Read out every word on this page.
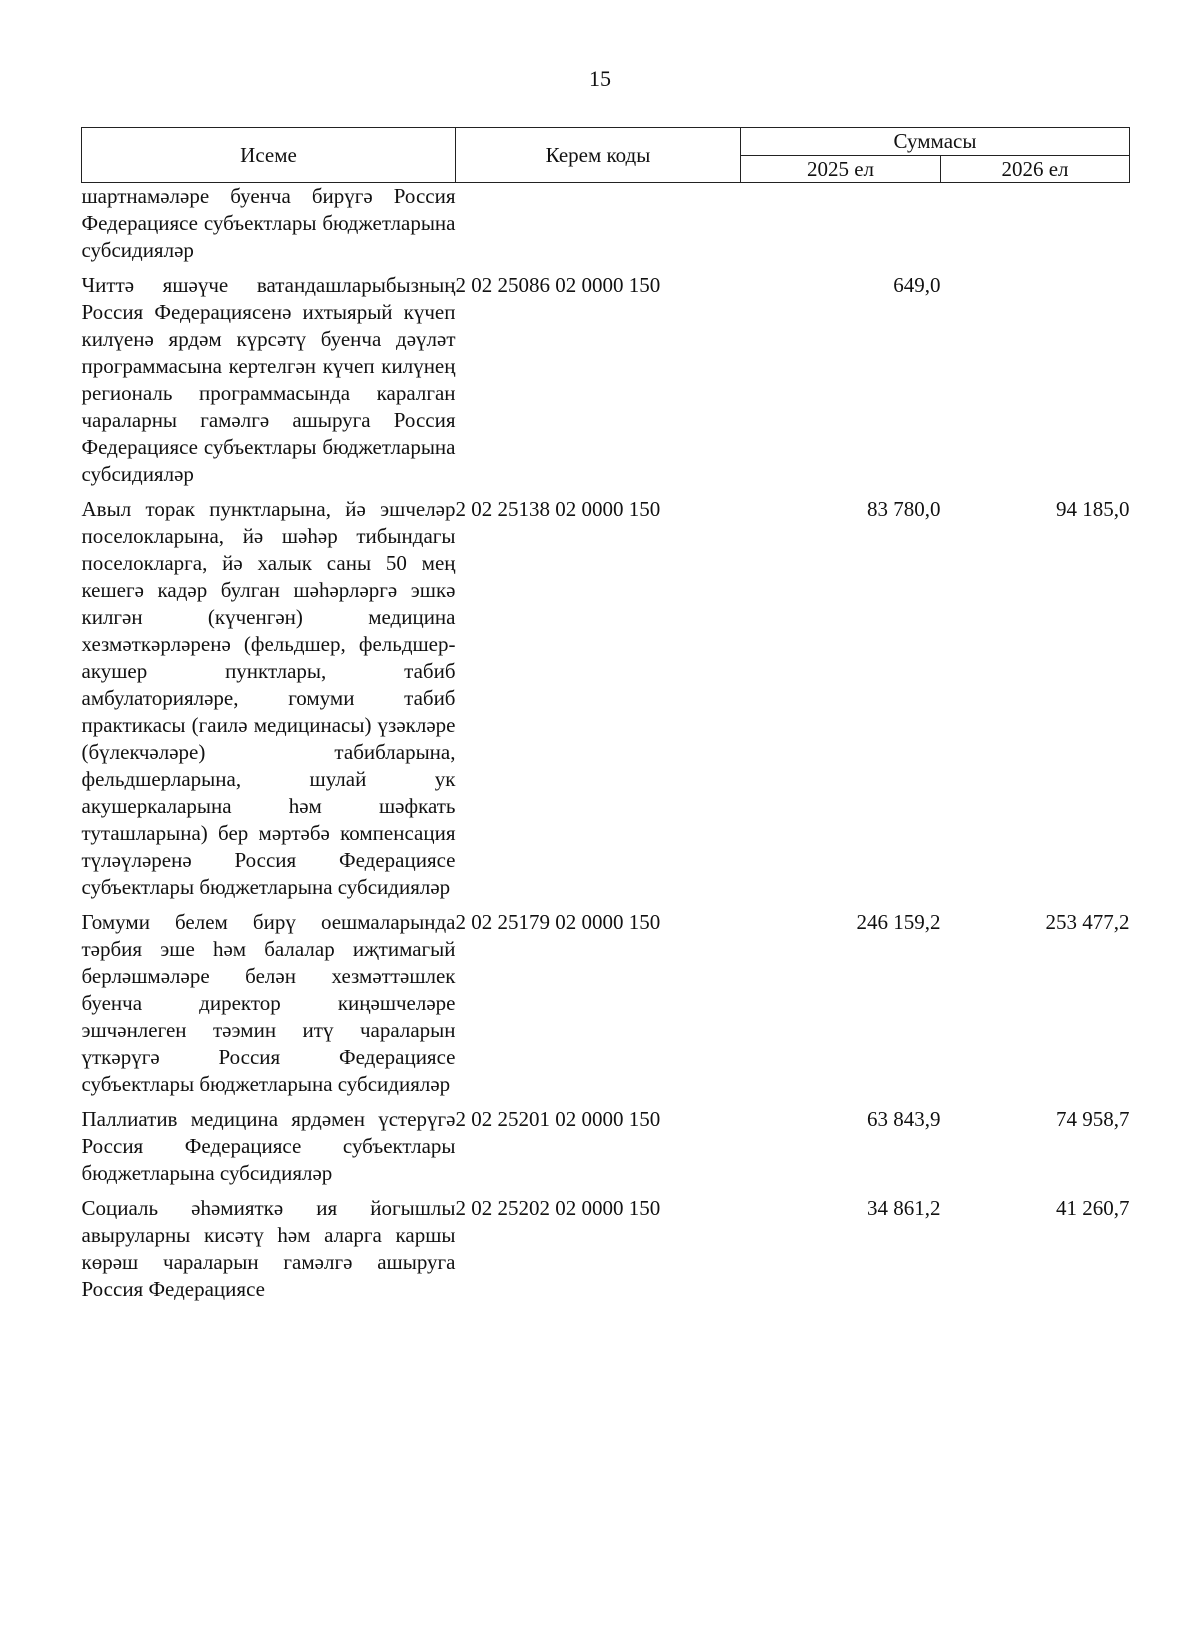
15
Исеме	Керем коды	Суммасы	
		2025 ел	2026 ел
шартнамәләре буенча бирүгә Россия Федерациясе субъектлары бюджетларына субсидияләр			

Читтә яшәүче ватандашларыбызның Россия Федерациясенә ихтыярый күчеп килүенә ярдәм күрсәтү буенча дәүләт программасына кертелгән күчеп килүнең региональ программасында каралган чараларны гамәлгә ашыруга Россия Федерациясе субъектлары бюджетларына субсидияләр	2 02 25086 02 0000 150	649,0	

Авыл торак пунктларына, йә эшчеләр поселокларына, йә шәһәр тибындагы поселокларга, йә халык саны 50 мең кешегә кадәр булган шәһәрләргә эшкә килгән (күченгән) медицина хезмәткәрләренә (фельдшер, фельдшер-акушер пунктлары, табиб амбулаторияләре, гомуми табиб практикасы (гаилә медицинасы) үзәкләре (бүлекчәләре) табибларына, фельдшерларына, шулай ук акушеркаларына һәм шәфкать туташларына) бер мәртәбә компенсация түләүләренә Россия Федерациясе субъектлары бюджетларына субсидияләр	2 02 25138 02 0000 150	83 780,0	94 185,0

Гомуми белем бирү оешмаларында тәрбия эше һәм балалар иҗтимагый берләшмәләре белән хезмәттәшлек буенча директор киңәшчеләре эшчәнлеген тәэмин итү чараларын үткәрүгә Россия Федерациясе субъектлары бюджетларына субсидияләр	2 02 25179 02 0000 150	246 159,2	253 477,2

Паллиатив медицина ярдәмен үстерүгә Россия Федерациясе субъектлары бюджетларына субсидияләр	2 02 25201 02 0000 150	63 843,9	74 958,7

Социаль әһәмияткә ия йогышлы авыруларны кисәтү һәм аларга каршы көрәш чараларын гамәлгә ашыруга Россия Федерациясе	2 02 25202 02 0000 150	34 861,2	41 260,7
